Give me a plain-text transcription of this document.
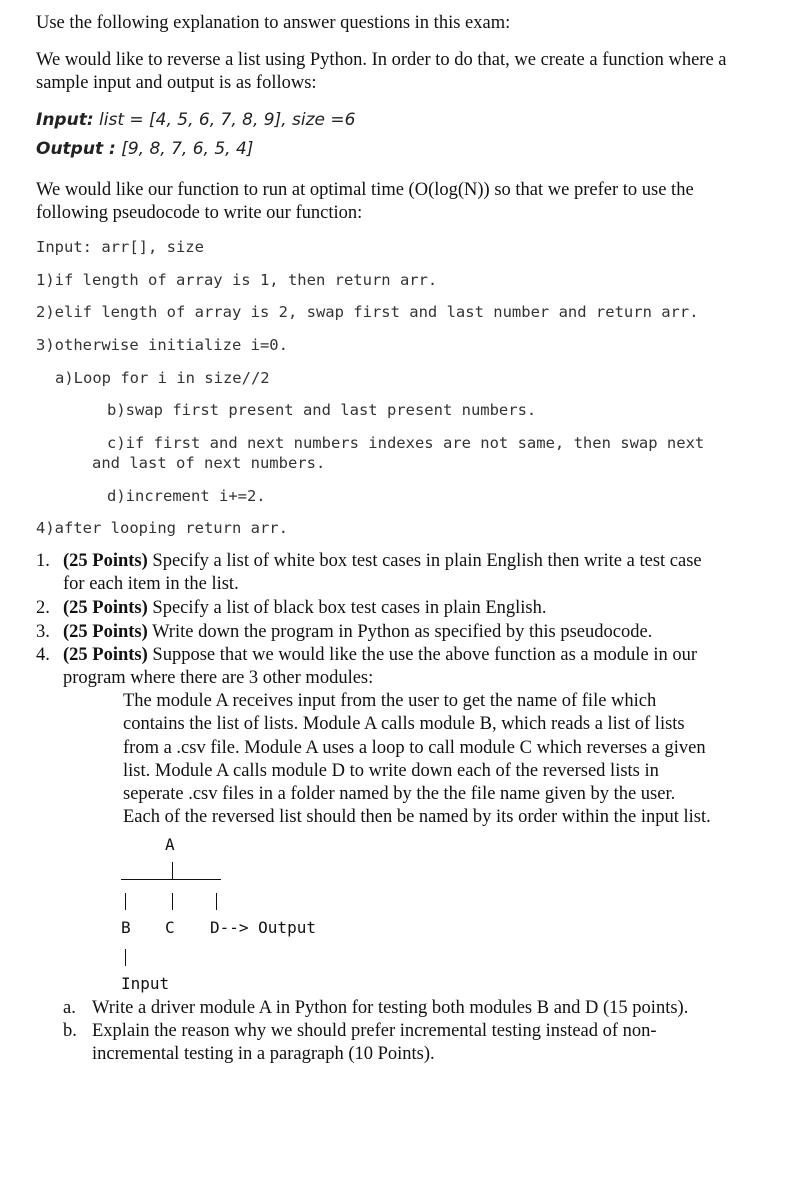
Use the following explanation to answer questions in this exam:
We would like to reverse a list using Python. In order to do that, we create a function where a
sample input and output is as follows:
Input: list = [4, 5, 6, 7, 8, 9], size =6
Output : [9, 8, 7, 6, 5, 4]
We would like our function to run at optimal time (O(log(N)) so that we prefer to use the
following pseudocode to write our function:
Input: arr[], size
1)if length of array is 1, then return arr.
2)elif length of array is 2, swap first and last number and return arr.
3)otherwise initialize i=0.
a)Loop for i in size//2
b)swap first present and last present numbers.
c)if first and next numbers indexes are not same, then swap next
and last of next numbers.
d)increment i+=2.
4)after looping return arr.
1. (25 Points) Specify a list of white box test cases in plain English then write a test case
for each item in the list.
2. (25 Points) Specify a list of black box test cases in plain English.
3. (25 Points) Write down the program in Python as specified by this pseudocode.
4. (25 Points) Suppose that we would like the use the above function as a module in our
program where there are 3 other modules:
The module A receives input from the user to get the name of file which
contains the list of lists. Module A calls module B, which reads a list of lists
from a .csv file. Module A uses a loop to call module C which reverses a given
list. Module A calls module D to write down each of the reversed lists in
seperate .csv files in a folder named by the the file name given by the user.
Each of the reversed list should then be named by its order within the input list.
A
B C D--> Output
Input
a. Write a driver module A in Python for testing both modules B and D (15 points).
b. Explain the reason why we should prefer incremental testing instead of non-
incremental testing in a paragraph (10 Points).
